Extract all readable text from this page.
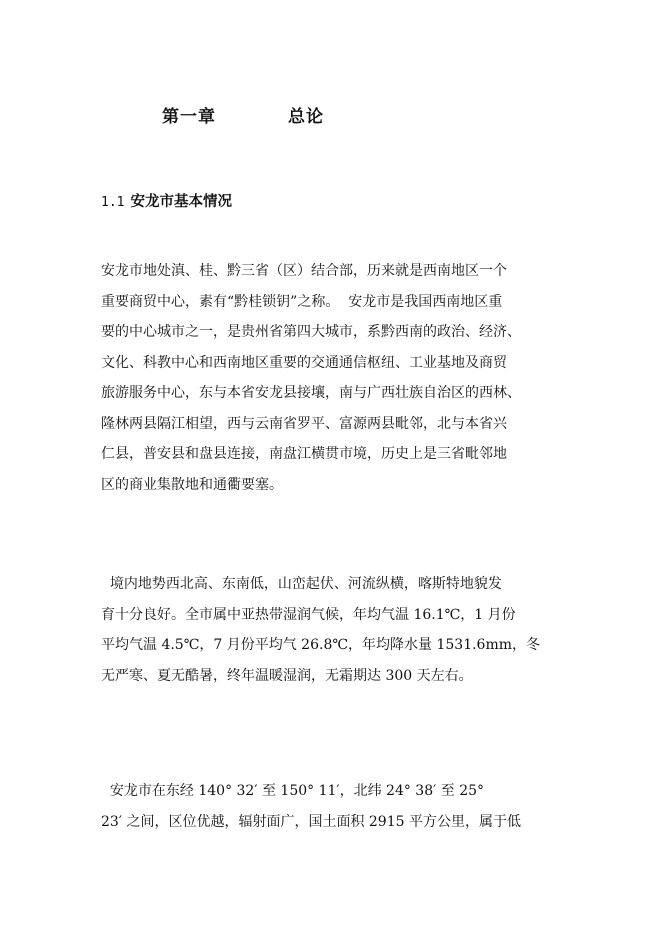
第一章	总论
1.1 安龙市基本情况

安龙市地处滇、桂、黔三省（区）结合部，历来就是西南地区一个
重要商贸中心，素有“黔桂锁钥”之称。  安龙市是我国西南地区重
要的中心城市之一，是贵州省第四大城市，系黔西南的政治、经济、
文化、科教中心和西南地区重要的交通通信枢纽、工业基地及商贸
旅游服务中心，东与本省安龙县接壤，南与广西壮族自治区的西林、
隆林两县隔江相望，西与云南省罗平、富源两县毗邻，北与本省兴
仁县，普安县和盘县连接，南盘江横贯市境，历史上是三省毗邻地
区的商业集散地和通衢要塞。

境内地势西北高、东南低，山峦起伏、河流纵横，喀斯特地貌发
育十分良好。全市属中亚热带湿润气候，年均气温 16.1℃，1 月份
平均气温 4.5℃，7 月份平均气 26.8℃，年均降水量 1531.6mm，冬
无严寒、夏无酷暑，终年温暖湿润，无霜期达 300 天左右。

安龙市在东经 140° 32′ 至 150° 11′，北纬 24° 38′ 至 25°
23′ 之间，区位优越，辐射面广，国土面积 2915 平方公里，属于低
